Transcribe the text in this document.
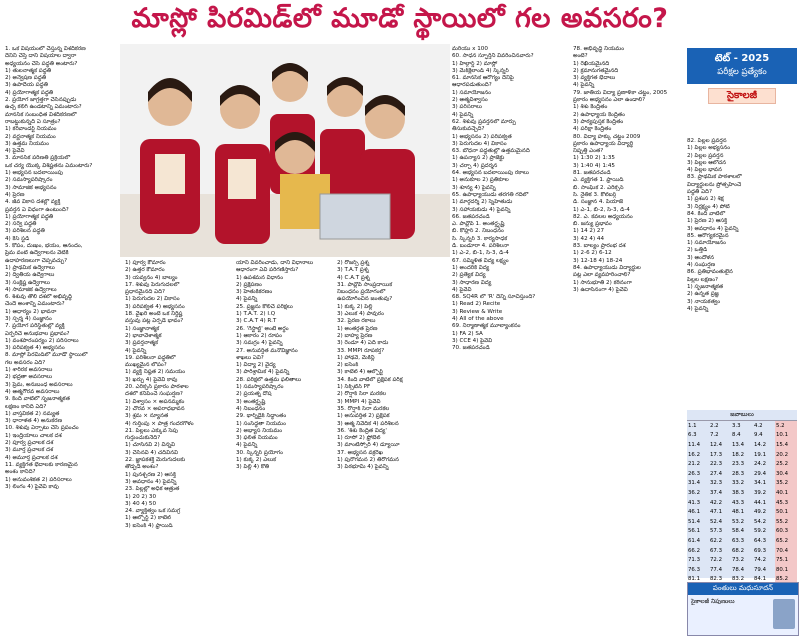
మాస్లో పిరమిడ్‌లో మూడో స్థాయిలో గల అవసరం?

1. ఒక విషయంలో చేస్తున్న విశదీకరణ

దేనిని చేస్తే దాని విషయాల ద్వారా

అధ్యయనం చేసే పద్ధతి అంటారు?

1) తులనాత్మక పద్ధతి

2) అన్వేషణ పద్ధతి

3) ఉపాదేయ పద్ధతి

4) ప్రయోగాత్మక పద్ధతి

2. ప్రయోగ జాగ్రత్తగా చేసినప్పుడు

ఉచ్చ కలిగి ఉండటాన్ని ఏమంటారు?

మానసిక సంబంధిత విశదీకరణలో

రాబట్టుకున్నది ఏ సూత్రం?

1) కరివాండర్ట్ నియమం

2) వర్ణనాత్మక నియమం

3) ఉత్తమ నియమం

4) పైవేవీ

3. మానసిక పరిణతి ప్రక్రియలో

ఒక చర్య యొక్క విశిష్టతను ఏమంటారు?

1) అభ్యసన బదలాయింపు

2) సమస్యాపరిష్కారం

3) సామాజిక అభ్యసనం

4) ప్రేరణ

4. జీవ వికాస దశల్లో వ్యక్తి

ప్రవర్తన ఏ విధంగా ఉంటుంది?

1) ప్రయోగాత్మక పద్ధతి

2) సర్వే పద్ధతి

3) పరిశీలన పద్ధతి

4) కేస్ స్టడీ

5. కోపం, దుఃఖం, భయం, ఆనందం,

ప్రేమ వంటి ఉద్వేగాలను వేటికి

ఉదాహరణలుగా చెప్పవచ్చు?

1) ప్రాథమిక ఉద్వేగాలు

2) ద్వితీయ ఉద్వేగాలు

3) సంక్లిష్ట ఉద్వేగాలు

4) సామాజిక ఉద్వేగాలు

6. శిశువు తొలి దశలో అభివృద్ధి

చెందే అంశాన్ని ఏమంటారు?

1) ఆధార్యం 2) భావనా

3) స్పర్శ 4) సంజ్ఞానం

7. ప్రయోగ పరిస్థితుల్లో వ్యక్తి

ఏర్పరిచే అనుభవాల ప్రభావం?

1) వంశపారంపర్యం 2) పరిసరాలు

3) పరిపక్వత 4) అభ్యసనం

8. మాస్లో పిరమిడ్‌లో మూడో స్థాయిలో

గల అవసరం ఏది?

1) శారీరక అవసరాలు

2) భద్రతా అవసరాలు

3) ప్రేమ, అనుబంధ అవసరాలు

4) ఆత్మగౌరవ అవసరాలు

9. కింది వాటిలో సృజనాత్మకత

లక్షణం కానిది ఏది?

1) వాస్తవికత 2) నమ్యత

3) ధారాళత 4) అనుకరణ

10. శిశువు ఏర్పాటు చేసే ప్రపంచం

1) ఇంద్రియాలు చాలక దశ

2) పూర్వ ప్రచాలక దశ

3) మూర్త ప్రచాలక దశ

4) అమూర్త ప్రచాలక దశ

11. వ్యక్తిగత భేదాలకు కారణమైన

అంశం కానిది?

1) అనువంశికత 2) పరిసరాలు

3) లింగం 4) పైవేవీ కావు

1) పూర్వ కౌమారం

2) ఉత్తర కౌమారం

3) యవ్వనం 4) బాల్యం

17. శిశువు పెరుగుదలలో

ప్రధానమైనది ఏది?

1) పెరుగుదల 2) వికాసం

3) పరిపక్వత 4) అభ్యసనం

18. వైఖరి అంటే ఒక నిర్దిష్ట

వస్తువు పట్ల ఏర్పడే భావం?

1) సంజ్ఞానాత్మక

2) భావావేశాత్మక

3) ప్రవర్తనాత్మక

4) పైవన్నీ

19. పరిశీలనా పద్ధతిలో

ముఖ్యమైన లోపం?

1) వ్యక్తి నిష్ఠత 2) సమయం

3) ఖర్చు 4) పైవేవీ కావు

20. ఎరిక్సన్ ప్రకారం పాఠశాల

దశలో కనిపించే సంఘర్షణ?

1) విశ్వాసం × అపనమ్మకం

2) చొరవ × అపరాధభావన

3) శ్రమ × న్యూనత

4) గుర్తింపు × పాత్ర గందరగోళం

21. పిల్లలు ఎక్కువ సేపు

గుర్తుంచుకునేది?

1) చూసినవి 2) విన్నవి

3) చేసినవి 4) చదివినవి

22. జ్ఞాపకశక్తి మెరుగుదలకు

తోడ్పడే అంశం?

1) పునశ్చరణ 2) ఆసక్తి

3) అవధానం 4) పైవన్నీ

23. పిల్లల్లో అధిక ఆత్రుత

1) 20 2) 30

3) 40 4) 50

24. వ్యాక్తిత్వం ఒక సమగ్ర

1) ఆల్పోర్ట్ 2) కాటెల్

3) ఐసెంక్ 4) ఫ్రాయిడ్

యాని వివరించాడు, దాని విధానాలు

ఆధారంగా ఏవి పరిగణిస్తారు?

1) ఉపశమన విధానం

2) ప్రక్షేపణం

3) హేతుకీకరణం

4) పైవన్నీ

25. ప్రజ్ఞను కొలిచే పరీక్షలు

1) T.A.T. 2) I.Q

3) C.A.T 4) R.T

26. 'గెస్టాల్ట్' అంటే అర్థం

1) ఆకారం 2) రూపం

3) సమగ్రం 4) పైవన్నీ

27. అనువర్తిత మనోవిజ్ఞానం

శాఖలు ఏవి?

1) విద్యా 2) వైద్య

3) పారిశ్రామిక 4) పైవన్నీ

28. పరీక్షలో ఉత్తమ ఫలితాలు

1) సమస్యాపరిష్కారం

2) ప్రయత్న దోష

3) అంతర్దృష్టి

4) నిబంధనం

29. థార్న్‌డైక్ సిద్ధాంతం

1) సంసిద్ధతా నియమం

2) అభ్యాస నియమం

3) ఫలిత నియమం

4) పైవన్నీ

30. స్కిన్నర్ ప్రయోగం

1) కుక్క 2) ఎలుక

3) పిల్లి 4) కోతి

2) రోజర్స్ ప్రశ్న

3) T.A.T ప్రశ్న

4) C.A.T ప్రశ్న

31. పావ్లోవ్ సాంప్రదాయిక

నిబంధనం ప్రయోగంలో

ఉపయోగించిన జంతువు?

1) కుక్క 2) పిల్లి

3) ఎలుక 4) పావురం

32. ప్రేరణ రకాలు

1) అంతర్గత ప్రేరణ

2) బాహ్య ప్రేరణ

3) రెండూ 4) ఏదీ కాదు

33. MMPI రూపకర్త?

1) హాథవే, మెకిన్లీ

2) ఐసెంక్

3) కాటెల్ 4) ఆల్పోర్ట్

34. కింది వాటిలో ప్రక్షేపక పరీక్ష

1) సిక్స్‌టీన్ PF

2) రోర్షాక్ సిరా మరకల

3) MMPI 4) పైవేవీ

35. రోర్షాక్ సిరా మరకల

1) అనువర్తిత 2) ప్రక్షేపక

3) ఆత్మ నివేదిక 4) పరిశీలన

36. 'శిశు కేంద్రిత విద్య'

1) రూసో 2) ఫ్రోబెల్

3) మాంటిస్సోరి 4) డ్యూయీ

37. అభ్యసన వక్రరేఖ

1) పురోగమన 2) తిరోగమన

3) పీఠభూమి 4) పైవన్నీ

మరియు x 100

60. సాధన స్ఫూర్తిని వివరించినవారు?

1) హిల్గార్డ్ 2) మాస్లో

3) మెక్‌క్లెలాండ్ 4) స్కిన్నర్

61. మానసిక ఆరోగ్యం దేనిపై

ఆధారపడుతుంది?

1) సమాయోజనం

2) ఆత్మవిశ్వాసం

3) పరిసరాలు

4) పైవన్నీ

62. శిశువు ప్రవర్తనలో మార్పు

తీసుకువచ్చేది?

1) అభ్యసనం 2) పరిపక్వత

3) పెరుగుదల 4) వికాసం

63. బోధనా పద్ధతుల్లో ఉత్తమమైనది

1) ఉపన్యాస 2) ప్రాజెక్టు

3) చర్చా 4) ప్రదర్శన

64. అభ్యసన బదలాయింపు రకాలు

1) అనుకూల 2) ప్రతికూల

3) శూన్య 4) పైవన్నీ

65. ఉపాధ్యాయుడు తరగతి గదిలో

1) మార్గదర్శి 2) స్నేహితుడు

3) సహాయకుడు 4) పైవన్నీ

66. జతపరచండి

ఎ. పావ్లోవ్ 1. అంతర్దృష్టి

బి. కోహ్లర్ 2. నిబంధనం

సి. స్కిన్నర్ 3. కార్యసాధక

డి. బండూరా 4. పరిశీలనా

1) ఎ-2, బి-1, సి-3, డి-4

67. సమ్మిళిత విద్య లక్ష్యం

1) అందరికీ విద్య

2) ప్రత్యేక విద్య

3) సాధారణ విద్య

4) పైవేవీ

68. SQ4R లో 'R' దేన్ని సూచిస్తుంది?

1) Read 2) Recite

3) Review & Write

4) All of the above

69. నిర్మాణాత్మక మూల్యాంకనం

1) FA 2) SA

3) CCE 4) పైవేవీ

70. జతపరచండి

78. అభివృద్ధి నియమం

అంటే?

1) రేఖీయమైనది

2) క్రమానుగతమైనది

3) వ్యక్తిగత భేదాలు

4) పైవన్నీ

79. జాతీయ విద్యా ప్రణాళికా చట్టం, 2005

ప్రకారం అభ్యసనం ఎలా ఉండాలి?

1) శిశు కేంద్రితం

2) ఉపాధ్యాయ కేంద్రితం

3) పాఠ్యపుస్తక కేంద్రితం

4) పరీక్షా కేంద్రితం

80. విద్యా హక్కు చట్టం 2009

ప్రకారం ఉపాధ్యాయ విద్యార్థి

నిష్పత్తి ఎంత?

1) 1:30 2) 1:35

3) 1:40 4) 1:45

81. జతపరచండి

ఎ. వ్యక్తిగత 1. ఫ్రాయిడ్

బి. సాంఘిక 2. ఎరిక్సన్

సి. నైతిక 3. కోల్‌బర్గ్

డి. సంజ్ఞాన 4. పియాజే

1) ఎ-1, బి-2, సి-3, డి-4

82. ఎ. కవలల అధ్యయనం

బి. జన్యు ప్రభావం

1) 14 2) 27

3) 42 4) 44

83. బాల్యం ప్రారంభ దశ

1) 2-6 2) 6-12

3) 12-18 4) 18-24

84. ఉపాధ్యాయుడు విద్యార్థుల

పట్ల ఎలా వ్యవహరించాలి?

1) సానుభూతి 2) కఠినంగా

3) ఉదాసీనంగా 4) పైవేవీ

టెట్ - 2025
పరీక్షల ప్రత్యేకం
సైకాలజీ

82. పిల్లల ప్రవర్తన

1) పిల్లల అభ్యసనం

2) పిల్లల ప్రవర్తన

3) పిల్లల ఆలోచన

4) పిల్లల భావన

83. ప్రాథమిక పాఠశాలలో

విద్యార్థులను ప్రోత్సహించే

పద్ధతి ఏది?

1) ప్రశంస 2) శిక్ష

3) నిర్లక్ష్యం 4) పోటీ

84. కింది వాటిలో

1) ప్రేరణ 2) ఆసక్తి

3) అవధానం 4) పైవన్నీ

85. ఆరోగ్యకరమైన

1) సమాయోజనం

2) ఒత్తిడి

3) ఆందోళన

4) సంఘర్షణ

86. ప్రతిభావంతులైన

పిల్లల లక్షణం?

1) సృజనాత్మకత

2) ఉన్నత ప్రజ్ఞ

3) నాయకత్వం

4) పైవన్నీ

జవాబులు
1.1	2.2	3.3	4.2	5.2
6.3	7.2	8.4	9.4	10.1
11.4	12.4	13.4	14.2	15.4
16.2	17.3	18.2	19.1	20.2
21.2	22.3	23.3	24.2	25.2
26.3	27.4	28.3	29.4	30.4
31.4	32.3	33.2	34.1	35.2
36.2	37.4	38.3	39.2	40.1
41.3	42.2	43.3	44.1	45.3
46.1	47.1	48.1	49.2	50.1
51.4	52.4	53.2	54.2	55.2
56.1	57.3	58.4	59.2	60.3
61.4	62.2	63.3	64.3	65.2
66.2	67.3	68.2	69.3	70.4
71.3	72.2	73.2	74.2	75.1
76.3	77.4	78.4	79.4	80.1
81.1	82.3	83.2	84.1	85.2
పంతులు మధుసూదన్
సైకాలజీ నిపుణులు
